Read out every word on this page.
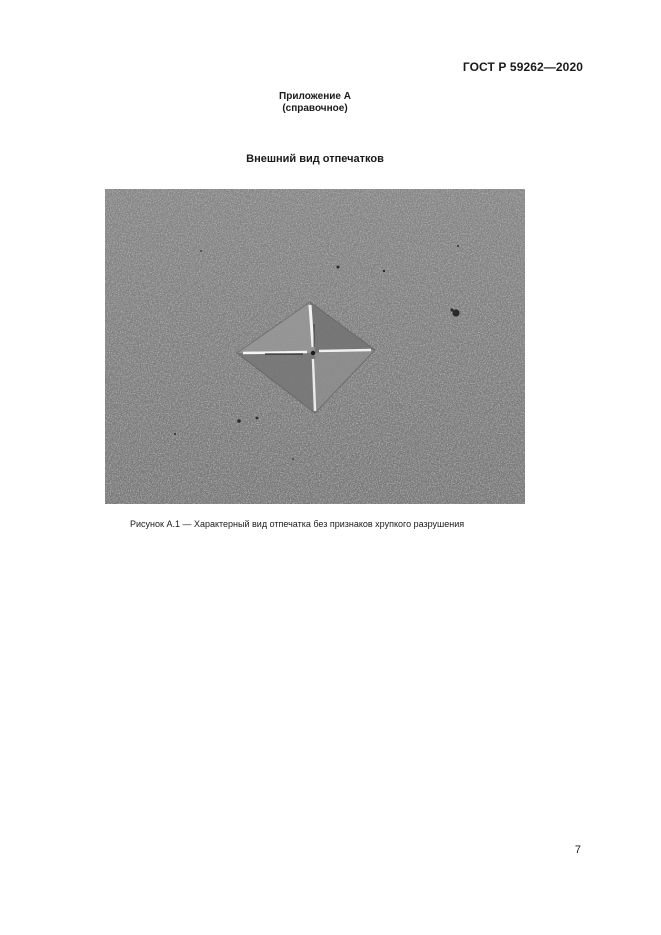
ГОСТ Р 59262—2020
Приложение А
(справочное)
Внешний вид отпечатков
Рисунок А.1 — Характерный вид отпечатка без признаков хрупкого разрушения
7
